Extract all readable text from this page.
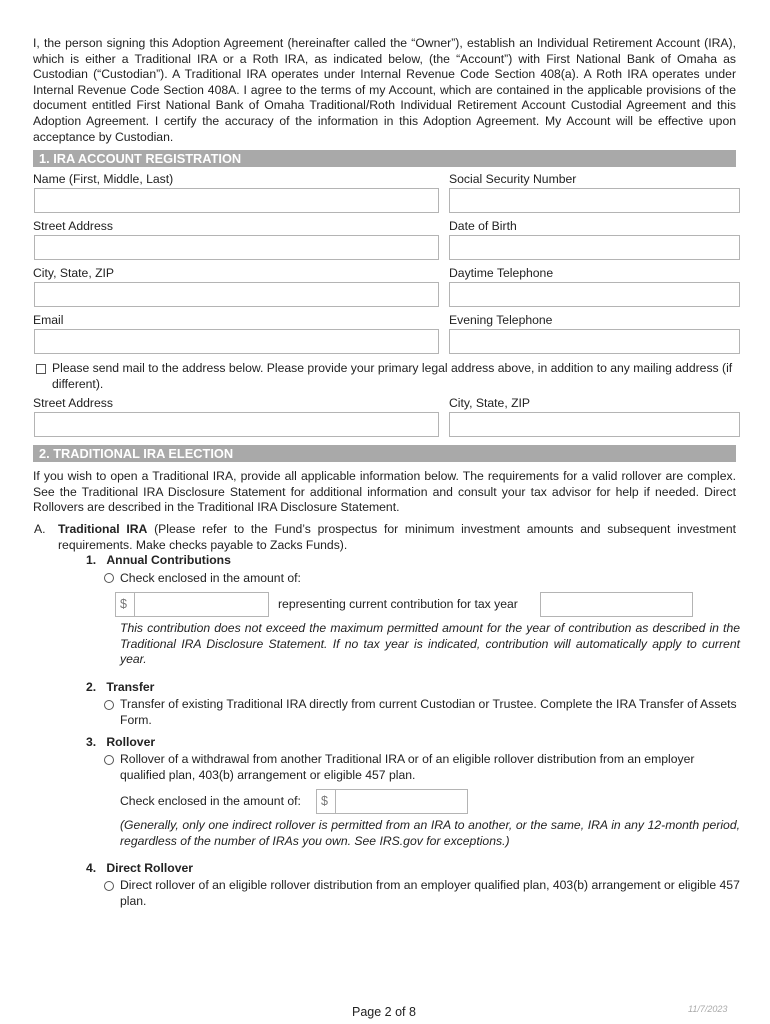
I, the person signing this Adoption Agreement (hereinafter called the “Owner”), establish an Individual Retirement Account (IRA), which is either a Traditional IRA or a Roth IRA, as indicated below, (the “Account”) with First National Bank of Omaha as Custodian (“Custodian”). A Traditional IRA operates under Internal Revenue Code Section 408(a). A Roth IRA operates under Internal Revenue Code Section 408A. I agree to the terms of my Account, which are contained in the applicable provisions of the document entitled First National Bank of Omaha Traditional/Roth Individual Retirement Account Custodial Agreement and this Adoption Agreement. I certify the accuracy of the information in this Adoption Agreement. My Account will be effective upon acceptance by Custodian.
1. IRA ACCOUNT REGISTRATION
Name (First, Middle, Last)	Social Security Number
Street Address	Date of Birth
City, State, ZIP	Daytime Telephone
Email	Evening Telephone
Please send mail to the address below. Please provide your primary legal address above, in addition to any mailing address (if different).
Street Address	City, State, ZIP
2. TRADITIONAL IRA ELECTION
If you wish to open a Traditional IRA, provide all applicable information below. The requirements for a valid rollover are complex. See the Traditional IRA Disclosure Statement for additional information and consult your tax advisor for help if needed. Direct Rollovers are described in the Traditional IRA Disclosure Statement.
A. Traditional IRA (Please refer to the Fund’s prospectus for minimum investment amounts and subsequent investment requirements. Make checks payable to Zacks Funds).
1.   Annual Contributions
Check enclosed in the amount of:
$	representing current contribution for tax year
This contribution does not exceed the maximum permitted amount for the year of contribution as described in the Traditional IRA Disclosure Statement. If no tax year is indicated, contribution will automatically apply to current year.
2.   Transfer
Transfer of existing Traditional IRA directly from current Custodian or Trustee. Complete the IRA Transfer of Assets Form.
3.   Rollover
Rollover of a withdrawal from another Traditional IRA or of an eligible rollover distribution from an employer qualified plan, 403(b) arrangement or eligible 457 plan.
Check enclosed in the amount of: $
(Generally, only one indirect rollover is permitted from an IRA to another, or the same, IRA in any 12-month period, regardless of the number of IRAs you own. See IRS.gov for exceptions.)
4.   Direct Rollover
Direct rollover of an eligible rollover distribution from an employer qualified plan, 403(b) arrangement or eligible 457 plan.
Page 2 of 8	11/7/2023
